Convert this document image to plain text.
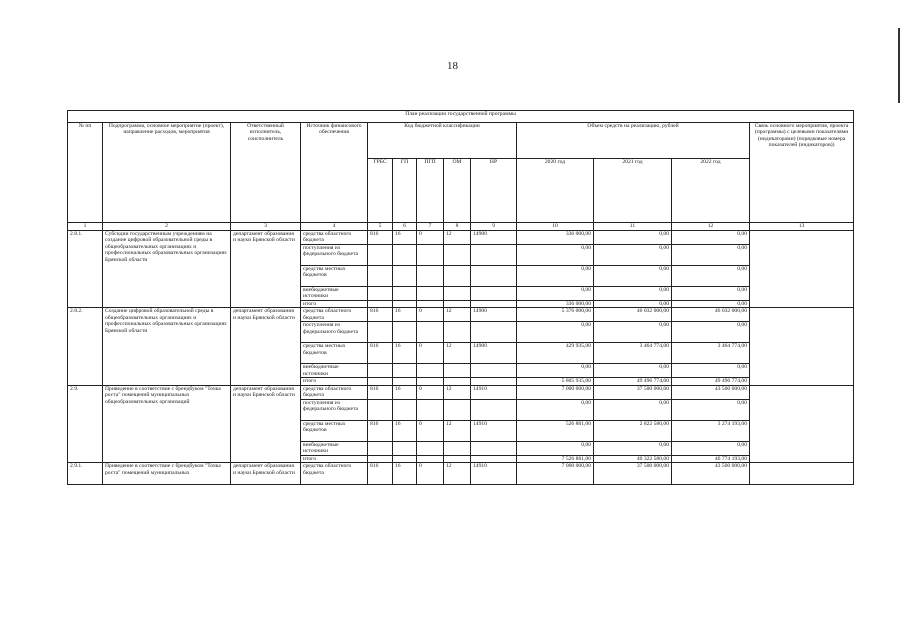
18
План реализации государственной программы												
№ пп	Подпрограмма, основное мероприятие (проект), направление расходов, мероприятия	Ответственный исполнитель, соисполнитель	Источник финансового обеспечения	Код бюджетной классификации					Объем средств на реализацию, рублей			Связь основного мероприятия, проекта (программы) с целевыми показателями (индикаторами) (порядковые номера показателей (индикаторов))
				ГРБС	ГП	ПГП	ОМ	НР	2020 год	2021 год	2022 год	
1	2	3	4	5	6	7	8	9	10	11	12	13
2.8.1.	Субсидии государственным учреждениям на создание цифровой образовательной среды в общеобразовательных организациях и профессиональных образовательных организациях Брянской области	департамент образования и науки Брянской области	средства областного бюджета	816	16	0	12	14900	336 000,00	0,00	0,00	
			поступления из федерального бюджета						0,00	0,00	0,00	
			средства местных бюджетов						0,00	0,00	0,00	
			внебюджетные источники						0,00	0,00	0,00	
			итого						336 000,00	0,00	0,00	
2.8.2.	Создание цифровой образовательной среды в общеобразовательных организациях и профессиональных образовательных организациях Брянской области	департамент образования и науки Брянской области	средства областного бюджета	816	16	0	12	14900	5 376 000,00	46 032 000,00	46 032 000,00	
			поступления из федерального бюджета						0,00	0,00	0,00	
			средства местных бюджетов	816	16	0	12	14900	429 935,00	3 464 774,00	3 464 774,00	
			внебюджетные источники						0,00	0,00	0,00	
			итого						5 805 935,00	49 496 774,00	49 496 774,00	
2.9.	Приведение в соответствие с брендбуком "Точка роста" помещений муниципальных общеобразовательных организаций	департамент образования и науки Брянской области	средства областного бюджета	816	16	0	12	14910	7 000 000,00	37 500 000,00	43 500 000,00	
			поступления из федерального бюджета						0,00	0,00	0,00	
			средства местных бюджетов	816	16	0	12	14910	526 881,00	2 822 580,00	3 274 193,00	
			внебюджетные источники						0,00	0,00	0,00	
			итого						7 526 881,00	40 322 580,00	46 774 193,00	
2.9.1.	Приведение в соответствие с брендбуком "Точка роста" помещений муниципальных	департамент образования и науки Брянской области	средства областного бюджета	816	16	0	12	14910	7 000 000,00	37 500 000,00	43 500 000,00	
